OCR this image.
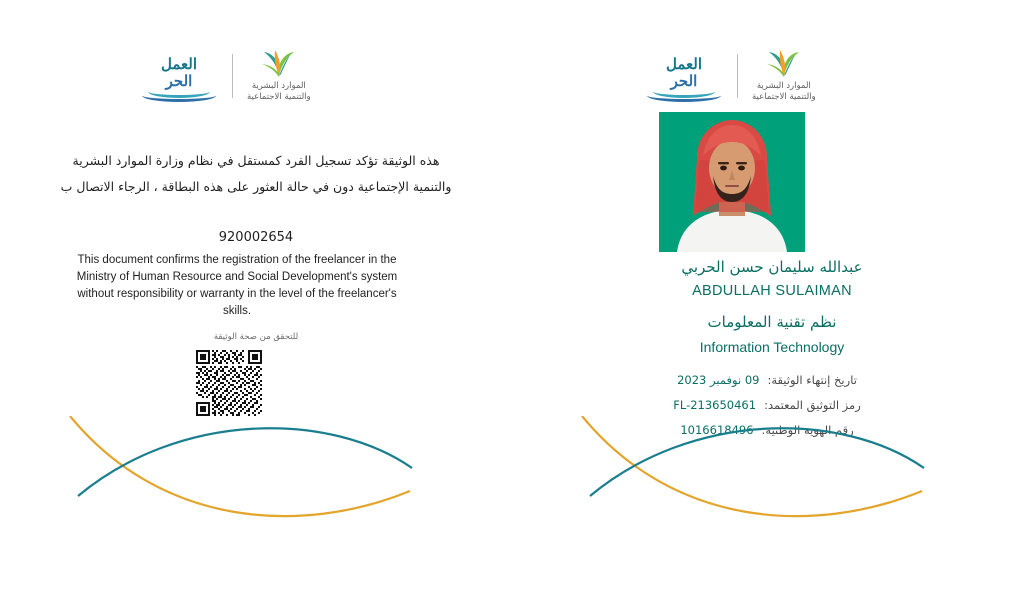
العمل
الحر	الموارد البشرية
والتنمية الاجتماعية
هذه الوثيقة تؤكد تسجيل الفرد كمستقل في نظام وزارة الموارد البشرية والتنمية الإجتماعية دون في حالة العثور على هذه البطاقة ، الرجاء الاتصال ب
920002654
This document confirms the registration of the freelancer in the Ministry of Human Resource and Social Development's system without responsibility or warranty in the level of the freelancer's skills.
للتحقق من صحة الوثيقة
العمل
الحر	الموارد البشرية
والتنمية الاجتماعية
عبدالله سليمان حسن الحربي
ABDULLAH SULAIMAN
نظم تقنية المعلومات
Information Technology
تاريخ إنتهاء الوثيقة:
09 نوفمبر 2023
رمز التوثيق المعتمد:
FL-213650461
رقم الهوية الوطنية:
1016618496
